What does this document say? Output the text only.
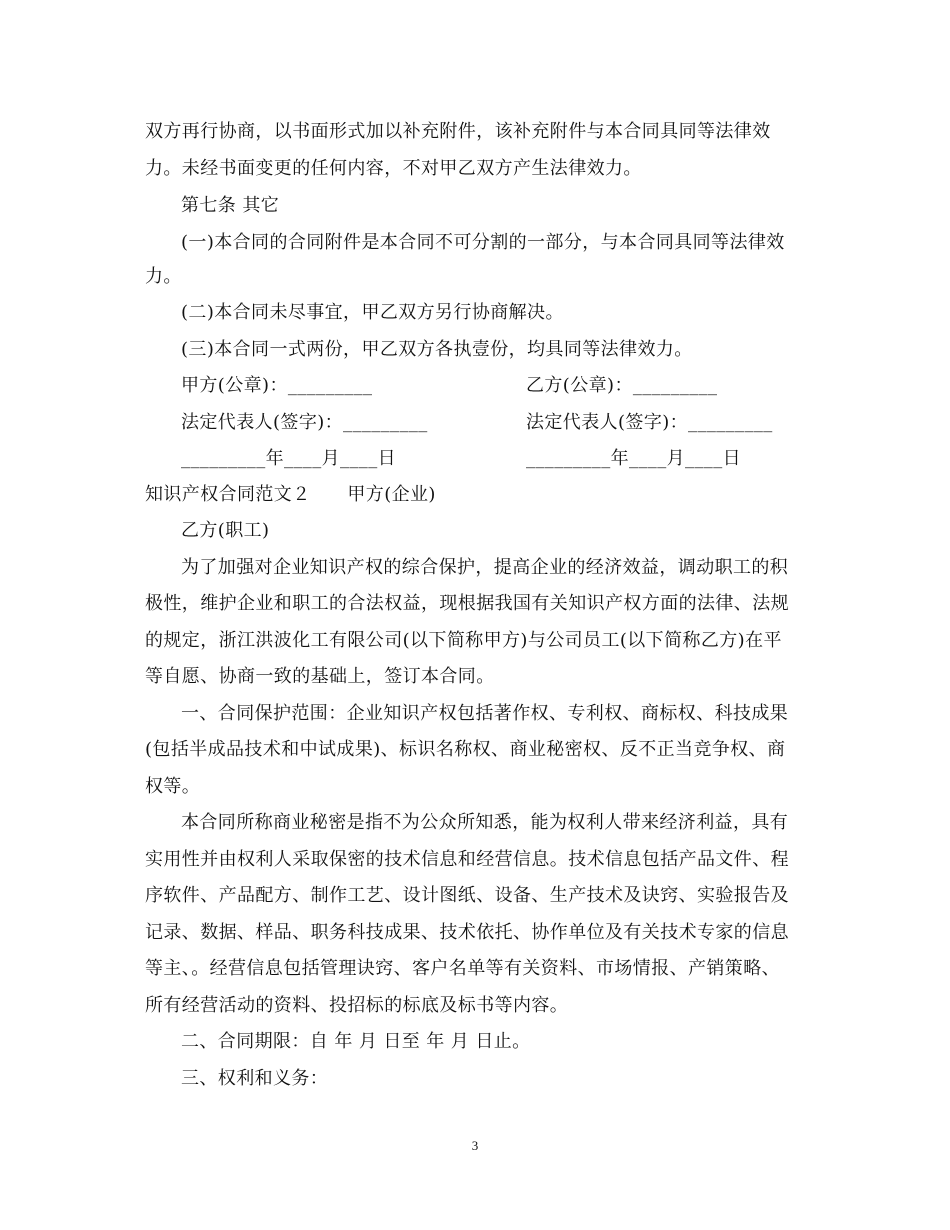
双方再行协商，以书面形式加以补充附件，该补充附件与本合同具同等法律效
力。未经书面变更的任何内容，不对甲乙双方产生法律效力。
第七条 其它
(一)本合同的合同附件是本合同不可分割的一部分，与本合同具同等法律效
力。
(二)本合同未尽事宜，甲乙双方另行协商解决。
(三)本合同一式两份，甲乙双方各执壹份，均具同等法律效力。
甲方(公章)：_________	乙方(公章)：_________
法定代表人(签字)：_________	法定代表人(签字)：_________
_________年____月____日	_________年____月____日
知识产权合同范文２　　甲方(企业)
乙方(职工)
为了加强对企业知识产权的综合保护，提高企业的经济效益，调动职工的积
极性，维护企业和职工的合法权益，现根据我国有关知识产权方面的法律、法规
的规定，浙江洪波化工有限公司(以下简称甲方)与公司员工(以下简称乙方)在平
等自愿、协商一致的基础上，签订本合同。
一、合同保护范围：企业知识产权包括著作权、专利权、商标权、科技成果
(包括半成品技术和中试成果)、标识名称权、商业秘密权、反不正当竞争权、商
权等。
本合同所称商业秘密是指不为公众所知悉，能为权利人带来经济利益，具有
实用性并由权利人采取保密的技术信息和经营信息。技术信息包括产品文件、程
序软件、产品配方、制作工艺、设计图纸、设备、生产技术及诀窍、实验报告及
记录、数据、样品、职务科技成果、技术依托、协作单位及有关技术专家的信息
等主、。经营信息包括管理诀窍、客户名单等有关资料、市场情报、产销策略、
所有经营活动的资料、投招标的标底及标书等内容。
二、合同期限：自 年 月 日至 年 月 日止。
三、权利和义务：
3
